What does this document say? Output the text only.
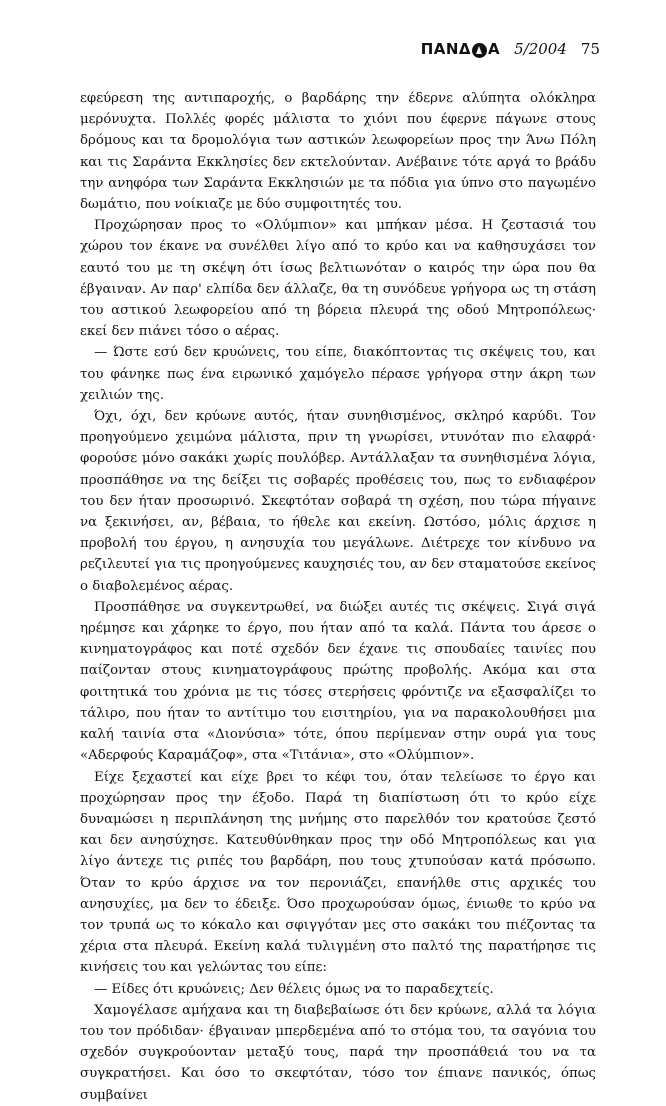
ΠΑΝΔ Α 5/2004 75

εφεύρεση της αντιπαροχής, ο βαρδάρης την έδερνε αλύπητα ολόκληρα μερόνυχτα. Πολλές φορές μάλιστα το χιόνι που έφερνε πάγωνε στους δρόμους και τα δρομολόγια των αστικών λεωφορείων προς την Άνω Πόλη και τις Σαράντα Εκκλησίες δεν εκτελούνταν. Ανέβαινε τότε αργά το βράδυ την ανηφόρα των Σαράντα Εκκλησιών με τα πόδια για ύπνο στο παγωμένο δωμάτιο, που νοίκιαζε με δύο συμφοιτητές του.

Προχώρησαν προς το «Ολύμπιον» και μπήκαν μέσα. Η ζεστασιά του χώρου τον έκανε να συνέλθει λίγο από το κρύο και να καθησυχάσει τον εαυτό του με τη σκέψη ότι ίσως βελτιωνόταν ο καιρός την ώρα που θα έβγαιναν. Αν παρ' ελπίδα δεν άλλαζε, θα τη συνόδευε γρήγορα ως τη στάση του αστικού λεωφορείου από τη βόρεια πλευρά της οδού Μητροπόλεως· εκεί δεν πιάνει τόσο ο αέρας.

— Ώστε εσύ δεν κρυώνεις, του είπε, διακόπτοντας τις σκέψεις του, και του φάνηκε πως ένα ειρωνικό χαμόγελο πέρασε γρήγορα στην άκρη των χειλιών της.

Όχι, όχι, δεν κρύωνε αυτός, ήταν συνηθισμένος, σκληρό καρύδι. Τον προηγούμενο χειμώνα μάλιστα, πριν τη γνωρίσει, ντυνόταν πιο ελαφρά· φορούσε μόνο σακάκι χωρίς πουλόβερ. Αντάλλαξαν τα συνηθισμένα λόγια, προσπάθησε να της δείξει τις σοβαρές προθέσεις του, πως το ενδιαφέρον του δεν ήταν προσωρινό. Σκεφτόταν σοβαρά τη σχέση, που τώρα πήγαινε να ξεκινήσει, αν, βέβαια, το ήθελε και εκείνη. Ωστόσο, μόλις άρχισε η προβολή του έργου, η ανησυχία του μεγάλωνε. Διέτρεχε τον κίνδυνο να ρεζιλευτεί για τις προηγούμενες καυχησιές του, αν δεν σταματούσε εκείνος ο διαβολεμένος αέρας.

Προσπάθησε να συγκεντρωθεί, να διώξει αυτές τις σκέψεις. Σιγά σιγά ηρέμησε και χάρηκε το έργο, που ήταν από τα καλά. Πάντα του άρεσε ο κινηματογράφος και ποτέ σχεδόν δεν έχανε τις σπουδαίες ταινίες που παίζονταν στους κινηματογράφους πρώτης προβολής. Ακόμα και στα φοιτητικά του χρόνια με τις τόσες στερήσεις φρόντιζε να εξασφαλίζει το τάλιρο, που ήταν το αντίτιμο του εισιτηρίου, για να παρακολουθήσει μια καλή ταινία στα «Διονύσια» τότε, όπου περίμεναν στην ουρά για τους «Αδερφούς Καραμάζοφ», στα «Τιτάνια», στο «Ολύμπιον».

Είχε ξεχαστεί και είχε βρει το κέφι του, όταν τελείωσε το έργο και προχώρησαν προς την έξοδο. Παρά τη διαπίστωση ότι το κρύο είχε δυναμώσει η περιπλάνηση της μνήμης στο παρελθόν τον κρατούσε ζεστό και δεν ανησύχησε. Κατευθύνθηκαν προς την οδό Μητροπόλεως και για λίγο άντεχε τις ριπές του βαρδάρη, που τους χτυπούσαν κατά πρόσωπο. Όταν το κρύο άρχισε να τον περονιάζει, επανήλθε στις αρχικές του ανησυχίες, μα δεν το έδειξε. Όσο προχωρούσαν όμως, ένιωθε το κρύο να τον τρυπά ως το κόκαλο και σφιγγόταν μες στο σακάκι του πιέζοντας τα χέρια στα πλευρά. Εκείνη καλά τυλιγμένη στο παλτό της παρατήρησε τις κινήσεις του και γελώντας του είπε:

— Είδες ότι κρυώνεις; Δεν θέλεις όμως να το παραδεχτείς.

Χαμογέλασε αμήχανα και τη διαβεβαίωσε ότι δεν κρύωνε, αλλά τα λόγια του τον πρόδιδαν· έβγαιναν μπερδεμένα από το στόμα του, τα σαγόνια του σχεδόν συγκρούονταν μεταξύ τους, παρά την προσπάθειά του να τα συγκρατήσει. Και όσο το σκεφτόταν, τόσο τον έπιανε πανικός, όπως συμβαίνει
